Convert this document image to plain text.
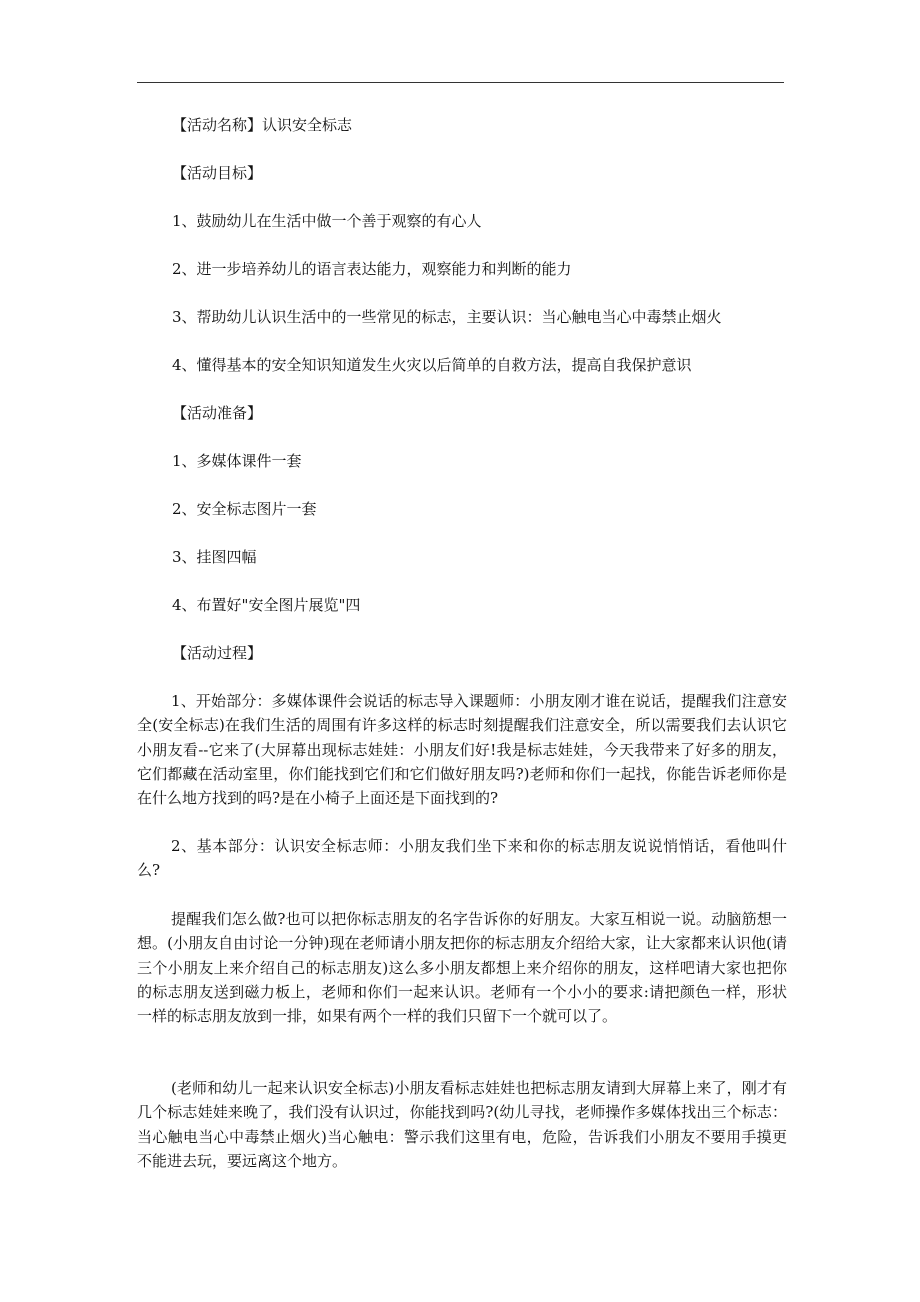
【活动名称】认识安全标志
【活动目标】
1、鼓励幼儿在生活中做一个善于观察的有心人
2、进一步培养幼儿的语言表达能力，观察能力和判断的能力
3、帮助幼儿认识生活中的一些常见的标志，主要认识：当心触电当心中毒禁止烟火
4、懂得基本的安全知识知道发生火灾以后简单的自救方法，提高自我保护意识
【活动准备】
1、多媒体课件一套
2、安全标志图片一套
3、挂图四幅
4、布置好"安全图片展览"四
【活动过程】
1、开始部分：多媒体课件会说话的标志导入课题师：小朋友刚才谁在说话，提醒我们注意安全(安全标志)在我们生活的周围有许多这样的标志时刻提醒我们注意安全，所以需要我们去认识它小朋友看--它来了(大屏幕出现标志娃娃：小朋友们好!我是标志娃娃，今天我带来了好多的朋友，它们都藏在活动室里，你们能找到它们和它们做好朋友吗?)老师和你们一起找，你能告诉老师你是在什么地方找到的吗?是在小椅子上面还是下面找到的?
2、基本部分：认识安全标志师：小朋友我们坐下来和你的标志朋友说说悄悄话，看他叫什么?
提醒我们怎么做?也可以把你标志朋友的名字告诉你的好朋友。大家互相说一说。动脑筋想一想。(小朋友自由讨论一分钟)现在老师请小朋友把你的标志朋友介绍给大家，让大家都来认识他(请三个小朋友上来介绍自己的标志朋友)这么多小朋友都想上来介绍你的朋友，这样吧请大家也把你的标志朋友送到磁力板上，老师和你们一起来认识。老师有一个小小的要求:请把颜色一样，形状一样的标志朋友放到一排，如果有两个一样的我们只留下一个就可以了。
(老师和幼儿一起来认识安全标志)小朋友看标志娃娃也把标志朋友请到大屏幕上来了，刚才有几个标志娃娃来晚了，我们没有认识过，你能找到吗?(幼儿寻找，老师操作多媒体找出三个标志：当心触电当心中毒禁止烟火)当心触电：警示我们这里有电，危险，告诉我们小朋友不要用手摸更不能进去玩，要远离这个地方。
